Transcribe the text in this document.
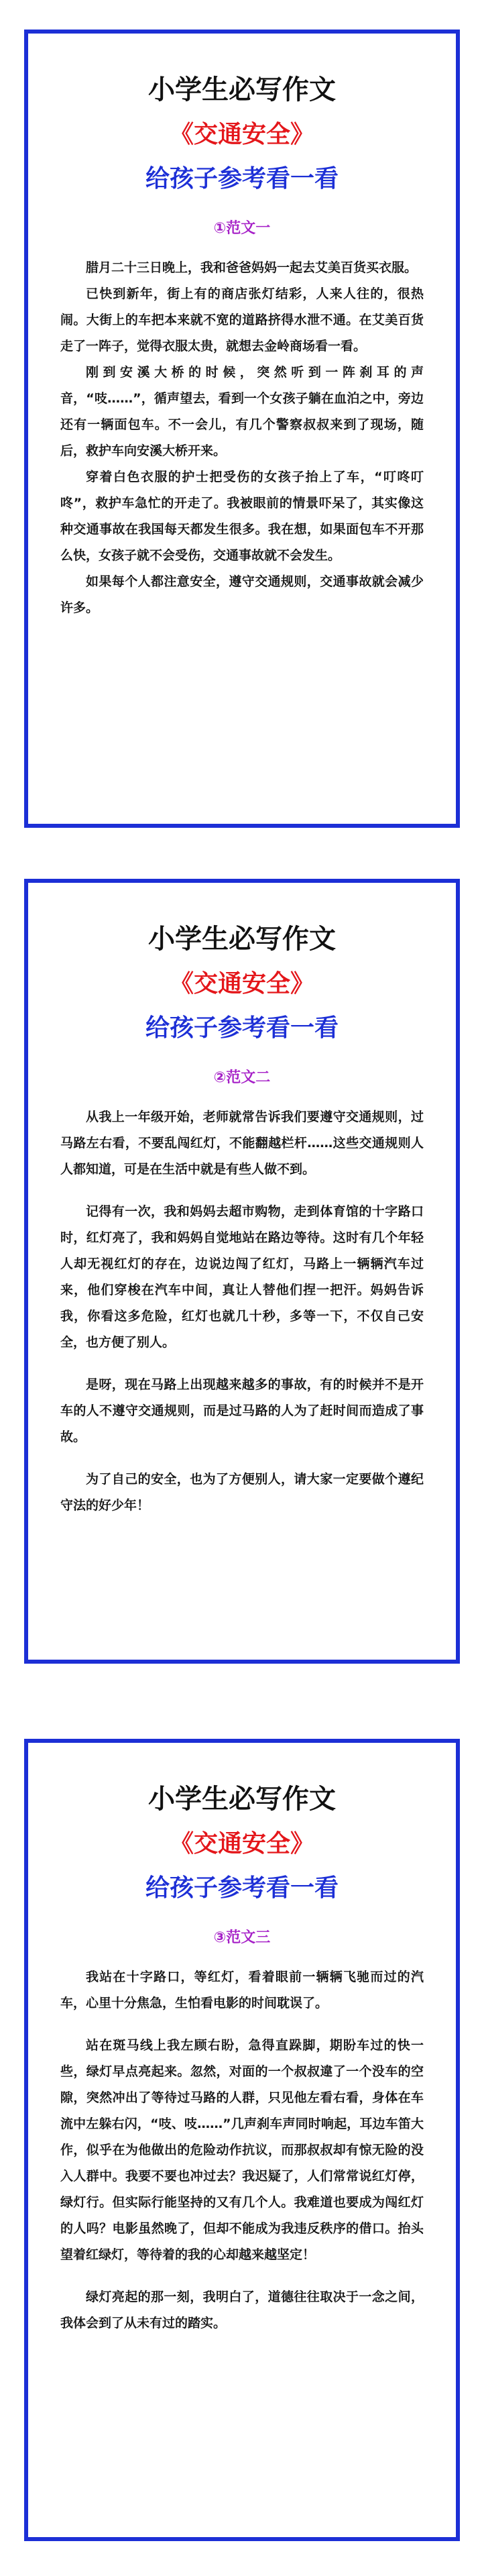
小学生必写作文
《交通安全》
给孩子参考看一看
①范文一

腊月二十三日晚上，我和爸爸妈妈一起去艾美百货买衣服。

已快到新年，街上有的商店张灯结彩，人来人往的，很热闹。大街上的车把本来就不宽的道路挤得水泄不通。在艾美百货走了一阵子，觉得衣服太贵，就想去金岭商场看一看。

刚到安溪大桥的时候，突然听到一阵刹耳的声音，“吱……”，循声望去，看到一个女孩子躺在血泊之中，旁边还有一辆面包车。不一会儿，有几个警察叔叔来到了现场，随后，救护车向安溪大桥开来。

穿着白色衣服的护士把受伤的女孩子抬上了车，“叮咚叮咚”，救护车急忙的开走了。我被眼前的情景吓呆了，其实像这种交通事故在我国每天都发生很多。我在想，如果面包车不开那么快，女孩子就不会受伤，交通事故就不会发生。

如果每个人都注意安全，遵守交通规则，交通事故就会减少许多。

小学生必写作文
《交通安全》
给孩子参考看一看
②范文二

从我上一年级开始，老师就常告诉我们要遵守交通规则，过马路左右看，不要乱闯红灯，不能翻越栏杆……这些交通规则人人都知道，可是在生活中就是有些人做不到。

记得有一次，我和妈妈去超市购物，走到体育馆的十字路口时，红灯亮了，我和妈妈自觉地站在路边等待。这时有几个年轻人却无视红灯的存在，边说边闯了红灯，马路上一辆辆汽车过来，他们穿梭在汽车中间，真让人替他们捏一把汗。妈妈告诉我，你看这多危险，红灯也就几十秒，多等一下，不仅自己安全，也方便了别人。

是呀，现在马路上出现越来越多的事故，有的时候并不是开车的人不遵守交通规则，而是过马路的人为了赶时间而造成了事故。

为了自己的安全，也为了方便别人，请大家一定要做个遵纪守法的好少年！

小学生必写作文
《交通安全》
给孩子参考看一看
③范文三

我站在十字路口，等红灯，看着眼前一辆辆飞驰而过的汽车，心里十分焦急，生怕看电影的时间耽误了。

站在斑马线上我左顾右盼，急得直跺脚，期盼车过的快一些，绿灯早点亮起来。忽然，对面的一个叔叔違了一个没车的空隙，突然冲出了等待过马路的人群，只见他左看右看，身体在车流中左躲右闪，“吱、吱……”几声刹车声同时响起，耳边车笛大作，似乎在为他做出的危险动作抗议，而那叔叔却有惊无险的没入人群中。我要不要也冲过去？我迟疑了，人们常常说红灯停，绿灯行。但实际行能坚持的又有几个人。我难道也要成为闯红灯的人吗？电影虽然晚了，但却不能成为我违反秩序的借口。抬头望着红绿灯，等待着的我的心却越来越坚定！

绿灯亮起的那一刻，我明白了，道德往往取决于一念之间，我体会到了从未有过的踏实。
